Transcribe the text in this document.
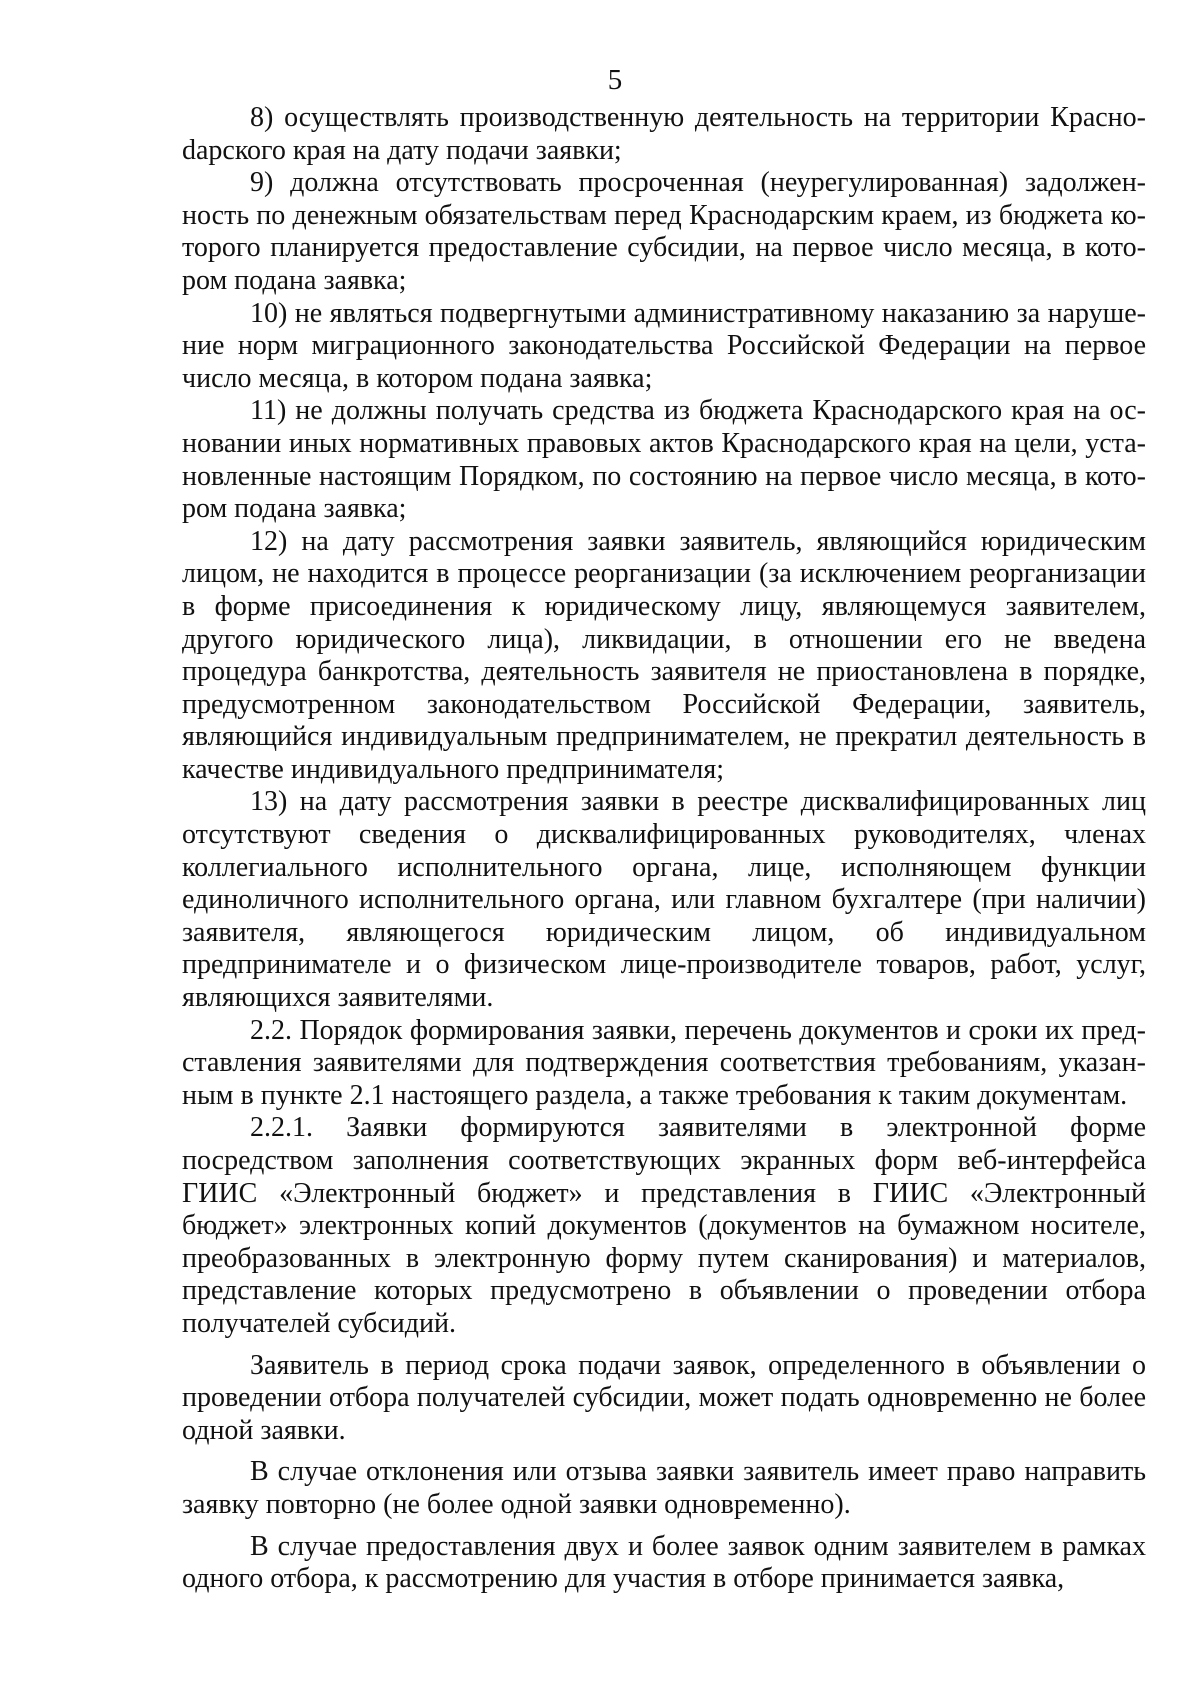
5

8) осуществлять производственную деятельность на территории Красноdарского края на дату подачи заявки;

9) должна отсутствовать просроченная (неурегулированная) задолженность по денежным обязательствам перед Краснодарским краем, из бюджета которого планируется предоставление субсидии, на первое число месяца, в котором подана заявка;

10) не являться подвергнутыми административному наказанию за нарушение норм миграционного законодательства Российской Федерации на первое число месяца, в котором подана заявка;

11) не должны получать средства из бюджета Краснодарского края на основании иных нормативных правовых актов Краснодарского края на цели, установленные настоящим Порядком, по состоянию на первое число месяца, в котором подана заявка;

12) на дату рассмотрения заявки заявитель, являющийся юридическим лицом, не находится в процессе реорганизации (за исключением реорганизации в форме присоединения к юридическому лицу, являющемуся заявителем, другого юридического лица), ликвидации, в отношении его не введена процедура банкротства, деятельность заявителя не приостановлена в порядке, предусмотренном законодательством Российской Федерации, заявитель, являющийся индивидуальным предпринимателем, не прекратил деятельность в качестве индивидуального предпринимателя;

13) на дату рассмотрения заявки в реестре дисквалифицированных лиц отсутствуют сведения о дисквалифицированных руководителях, членах коллегиального исполнительного органа, лице, исполняющем функции единоличного исполнительного органа, или главном бухгалтере (при наличии) заявителя, являющегося юридическим лицом, об индивидуальном предпринимателе и о физическом лице-производителе товаров, работ, услуг, являющихся заявителями.

2.2. Порядок формирования заявки, перечень документов и сроки их представления заявителями для подтверждения соответствия требованиям, указанным в пункте 2.1 настоящего раздела, а также требования к таким документам.

2.2.1. Заявки формируются заявителями в электронной форме посредством заполнения соответствующих экранных форм веб-интерфейса ГИИС «Электронный бюджет» и представления в ГИИС «Электронный бюджет» электронных копий документов (документов на бумажном носителе, преобразованных в электронную форму путем сканирования) и материалов, представление которых предусмотрено в объявлении о проведении отбора получателей субсидий.

Заявитель в период срока подачи заявок, определенного в объявлении о проведении отбора получателей субсидии, может подать одновременно не более одной заявки.

В случае отклонения или отзыва заявки заявитель имеет право направить заявку повторно (не более одной заявки одновременно).

В случае предоставления двух и более заявок одним заявителем в рамках одного отбора, к рассмотрению для участия в отборе принимается заявка,
